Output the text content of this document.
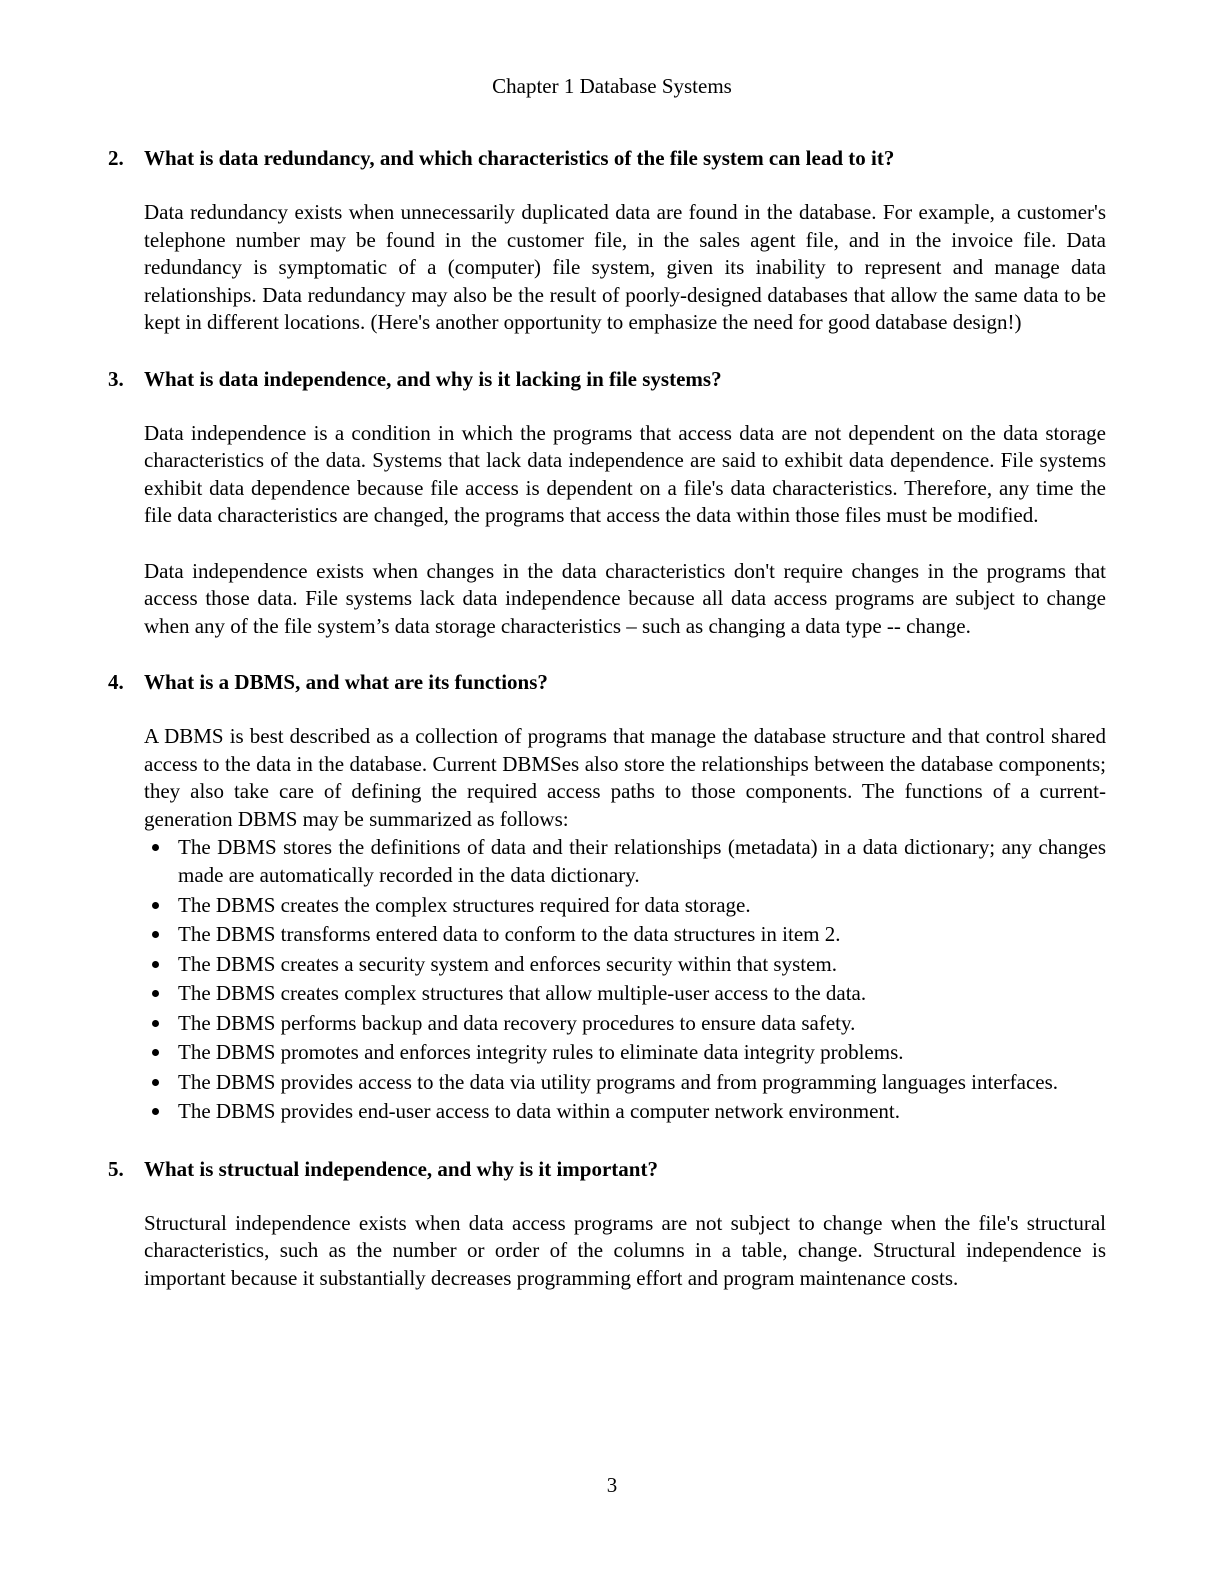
Chapter 1 Database Systems
2. What is data redundancy, and which characteristics of the file system can lead to it?

Data redundancy exists when unnecessarily duplicated data are found in the database. For example, a customer's telephone number may be found in the customer file, in the sales agent file, and in the invoice file. Data redundancy is symptomatic of a (computer) file system, given its inability to represent and manage data relationships. Data redundancy may also be the result of poorly-designed databases that allow the same data to be kept in different locations. (Here's another opportunity to emphasize the need for good database design!)

3. What is data independence, and why is it lacking in file systems?

Data independence is a condition in which the programs that access data are not dependent on the data storage characteristics of the data. Systems that lack data independence are said to exhibit data dependence. File systems exhibit data dependence because file access is dependent on a file's data characteristics. Therefore, any time the file data characteristics are changed, the programs that access the data within those files must be modified.

Data independence exists when changes in the data characteristics don't require changes in the programs that access those data. File systems lack data independence because all data access programs are subject to change when any of the file system’s data storage characteristics – such as changing a data type -- change.

4. What is a DBMS, and what are its functions?

A DBMS is best described as a collection of programs that manage the database structure and that control shared access to the data in the database. Current DBMSes also store the relationships between the database components; they also take care of defining the required access paths to those components. The functions of a current-generation DBMS may be summarized as follows:

The DBMS stores the definitions of data and their relationships (metadata) in a data dictionary; any changes made are automatically recorded in the data dictionary.
The DBMS creates the complex structures required for data storage.
The DBMS transforms entered data to conform to the data structures in item 2.
The DBMS creates a security system and enforces security within that system.
The DBMS creates complex structures that allow multiple-user access to the data.
The DBMS performs backup and data recovery procedures to ensure data safety.
The DBMS promotes and enforces integrity rules to eliminate data integrity problems.
The DBMS provides access to the data via utility programs and from programming languages interfaces.
The DBMS provides end-user access to data within a computer network environment.
5. What is structual independence, and why is it important?

Structural independence exists when data access programs are not subject to change when the file's structural characteristics, such as the number or order of the columns in a table, change. Structural independence is important because it substantially decreases programming effort and program maintenance costs.

3
